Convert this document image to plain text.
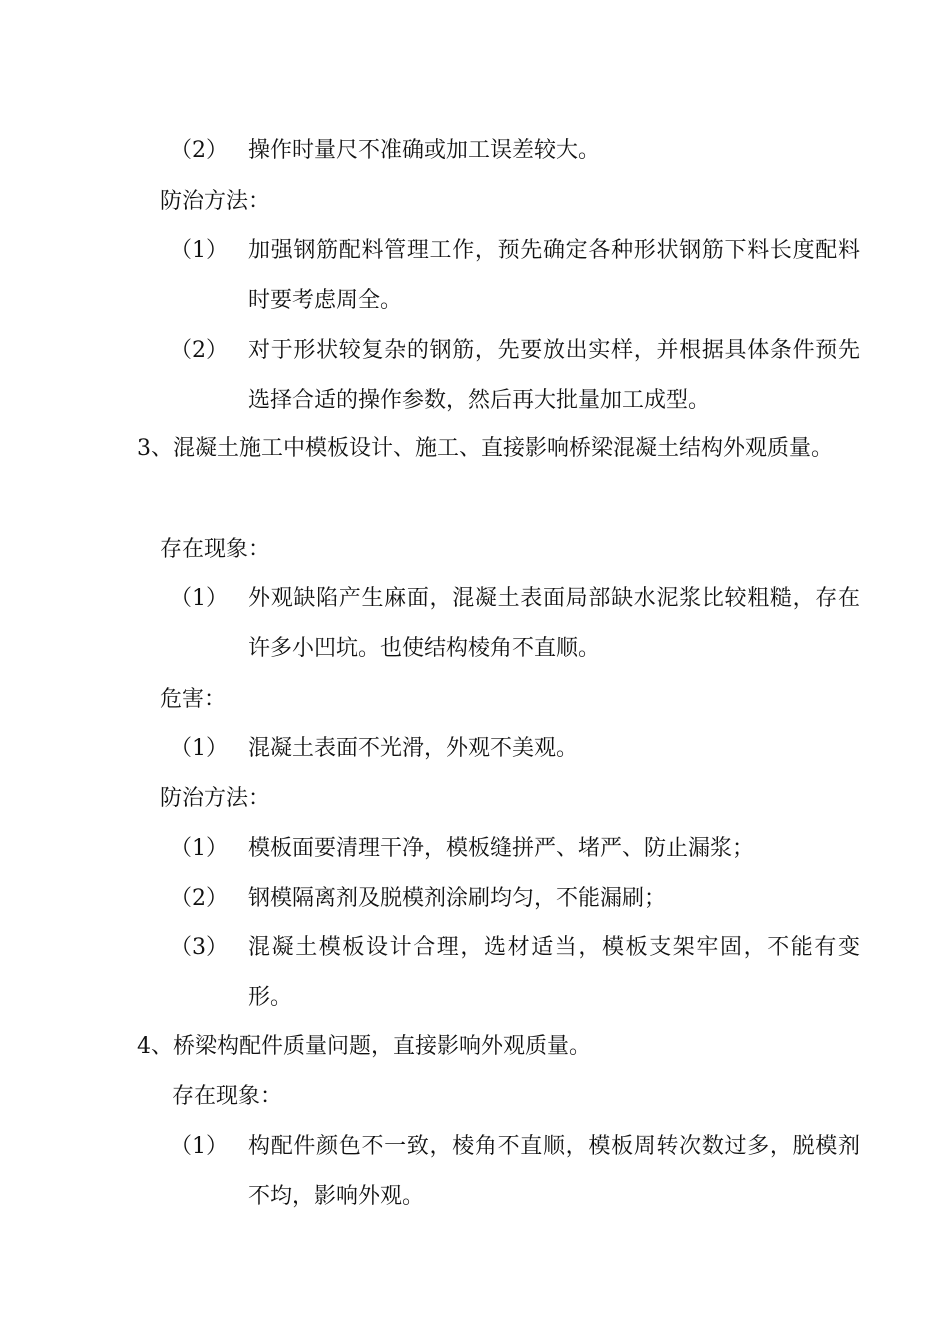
（2） 操作时量尺不准确或加工误差较大。

防治方法：

（1） 加强钢筋配料管理工作，预先确定各种形状钢筋下料长度配料时要考虑周全。

（2） 对于形状较复杂的钢筋，先要放出实样，并根据具体条件预先选择合适的操作参数，然后再大批量加工成型。

3、混凝土施工中模板设计、施工、直接影响桥梁混凝土结构外观质量。

存在现象：

（1） 外观缺陷产生麻面，混凝土表面局部缺水泥浆比较粗糙，存在许多小凹坑。也使结构棱角不直顺。

危害：

（1） 混凝土表面不光滑，外观不美观。

防治方法：

（1） 模板面要清理干净，模板缝拼严、堵严、防止漏浆；

（2） 钢模隔离剂及脱模剂涂刷均匀，不能漏刷；

（3） 混凝土模板设计合理，选材适当，模板支架牢固，不能有变形。

4、桥梁构配件质量问题，直接影响外观质量。

存在现象：

（1） 构配件颜色不一致，棱角不直顺，模板周转次数过多，脱模剂不均，影响外观。
